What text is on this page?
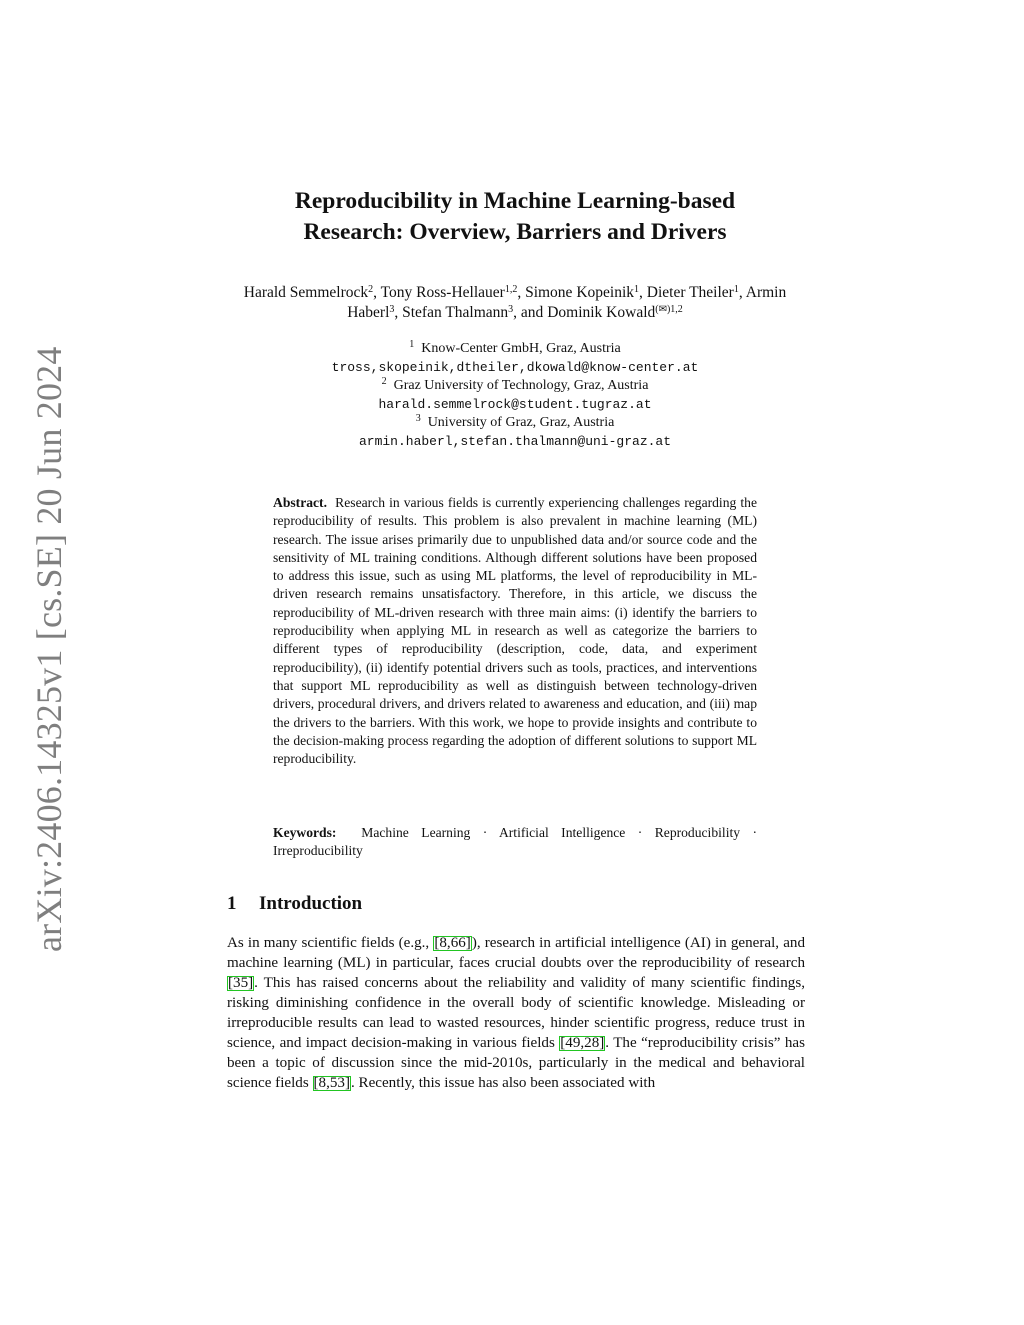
arXiv:2406.14325v1 [cs.SE] 20 Jun 2024
Reproducibility in Machine Learning-based
Research: Overview, Barriers and Drivers
Harald Semmelrock$^2$, Tony Ross-Hellauer$^{1,2}$, Simone Kopeinik$^1$, Dieter Theiler$^1$, Armin Haberl$^3$, Stefan Thalmann$^3$, and Dominik Kowald$^{(✉)1,2}$
$^1$ Know-Center GmbH, Graz, Austria
tross,skopeinik,dtheiler,dkowald@know-center.at
$^2$ Graz University of Technology, Graz, Austria
harald.semmelrock@student.tugraz.at
$^3$ University of Graz, Graz, Austria
armin.haberl,stefan.thalmann@uni-graz.at
Abstract. Research in various fields is currently experiencing challenges regarding the reproducibility of results. This problem is also prevalent in machine learning (ML) research. The issue arises primarily due to unpublished data and/or source code and the sensitivity of ML training conditions. Although different solutions have been proposed to address this issue, such as using ML platforms, the level of reproducibility in ML-driven research remains unsatisfactory. Therefore, in this article, we discuss the reproducibility of ML-driven research with three main aims: (i) identify the barriers to reproducibility when applying ML in research as well as categorize the barriers to different types of reproducibility (description, code, data, and experiment reproducibility), (ii) identify potential drivers such as tools, practices, and interventions that support ML reproducibility as well as distinguish between technology-driven drivers, procedural drivers, and drivers related to awareness and education, and (iii) map the drivers to the barriers. With this work, we hope to provide insights and contribute to the decision-making process regarding the adoption of different solutions to support ML reproducibility.
Keywords: Machine Learning · Artificial Intelligence · Reproducibility · Irreproducibility
1 Introduction
As in many scientific fields (e.g., [8,66]), research in artificial intelligence (AI) in general, and machine learning (ML) in particular, faces crucial doubts over the reproducibility of research [35]. This has raised concerns about the reliability and validity of many scientific findings, risking diminishing confidence in the overall body of scientific knowledge. Misleading or irreproducible results can lead to wasted resources, hinder scientific progress, reduce trust in science, and impact decision-making in various fields [49,28]. The “reproducibility crisis” has been a topic of discussion since the mid-2010s, particularly in the medical and behavioral science fields [8,53]. Recently, this issue has also been associated with
